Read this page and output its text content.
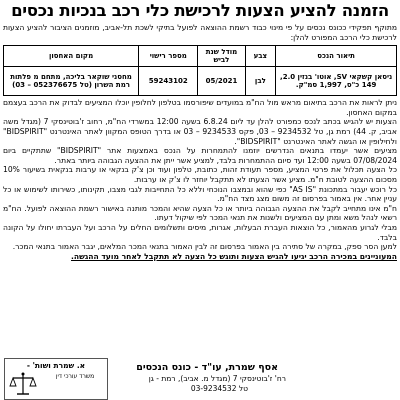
הזמנה להציע הצעות לרכישת כלי רכב בנכיות נכסים

מתוקף תפקידי ככונס נכסים על פי מינוי כבוד רשמת ההוצאה לפועל בתיקי לשכת תל-אביב, מוזמנים הציבור להציע הצעות לרכישת כלי הרכב המפורט להלן:

תיאור הנכס	צבע	מודל שנת לביש	מספר רישוי	מקום האחסון
ניסאן קשקאי SV, אוטו' בנזין 2.0, 149 כ"ס, 1,997 סמ"ק.	לבן	05/2021	59243102	מחסני שוקאר בליכה, מתחם מ פלתות רמת השרון (טל 052376675 – 03)

ניתן לראות את הרכב בתיאום מראש מול הח"מ במועדים שיפורסמו בטלפון לחלופין יוכלו המציעים לבדוק את הרכב בעצמם במקום האחסון.

הצעות יש להגיש בכתב לנכס כמפורט להלן עד ליום 6.8.24 בשעה 12:00 במשרדי הח"מ, רחוב ז'בוטינסקי 7 (מגדל משה אביב, ק. 44) רמת גן, טל 9234532 – 03, פקס 9234533 – 03 או בדרך הטופס המקוון לאתר האינטרנט "BIDSPIRIT" ולחילופין או הגשה לאתר האינטרנט "BIDSPIRIT".

מציעים אשר יעמדו בתנאים הנדרשים יוזמנו להתמחרות על הנכס באמצעות אתר "BIDSPIRIT" שתתקיים ביום 07/08/2024 בשעה 12:00 ועד סיום ההתמחרות בלבד, למציע אשר ייתן את ההצעה הגבוהה ביותר באתר.

כל הצעה תכלול את פרטי המציע, מספר תעודת זהות, כתובת, טלפון ועוד וכן צ'ק בנקאי או ערבות בנקאית בשיעור 10% מסכום ההצעה לטובת ח"מ. מציע אשר הצעתו לא תתקבל יוחזר לו צ'ק או ערבות.

כל רוכש יעבור במתכונת "AS IS" כפי שהוא ובמצבו הנוכחי וללא כל התחייבות לגבי מצבו, תקינותו, כשירותו לשימוש או כל עניין אחר. אין באמור בפרסום זה משום מצג מצד הח"מ.

ח"מ אינו מתחייב לקבל את ההצעה הגבוהה ביותר או כל הצעה שהיא והמכר מותנה באישור רשמת ההוצאה לפועל. הח"מ רשאי לנהל משא ומתן עם המציעים ולשנות את תנאי המכר לפי שיקול דעתו.

מבלי לגרוע מהאמור, כל הוצאות העברת הבעלות, אגרות, מיסים ותשלומים החלים על הרכב ועל העברתו יחולו על הקונה בלבד.

למען הסר ספק, במקרה של סתירה בין האמור בפרסום זה לבין האמור בתנאי המכר המלאים, יגבר האמור בתנאי המכר.

המעוניינים במכירה הרכב יגיעו להגיש הצעות ותוגש כל הצעה לא תתקבל לאחר מועד ההגשה.

אסף שמרת, עו"ד - כונס הנכסים
רח' ז'בוטינסקי 7 (מגדל מ. אביב), רמת - גן
טל 03-9234532
א. שמרת ושות' -
משרד עורכי דין
